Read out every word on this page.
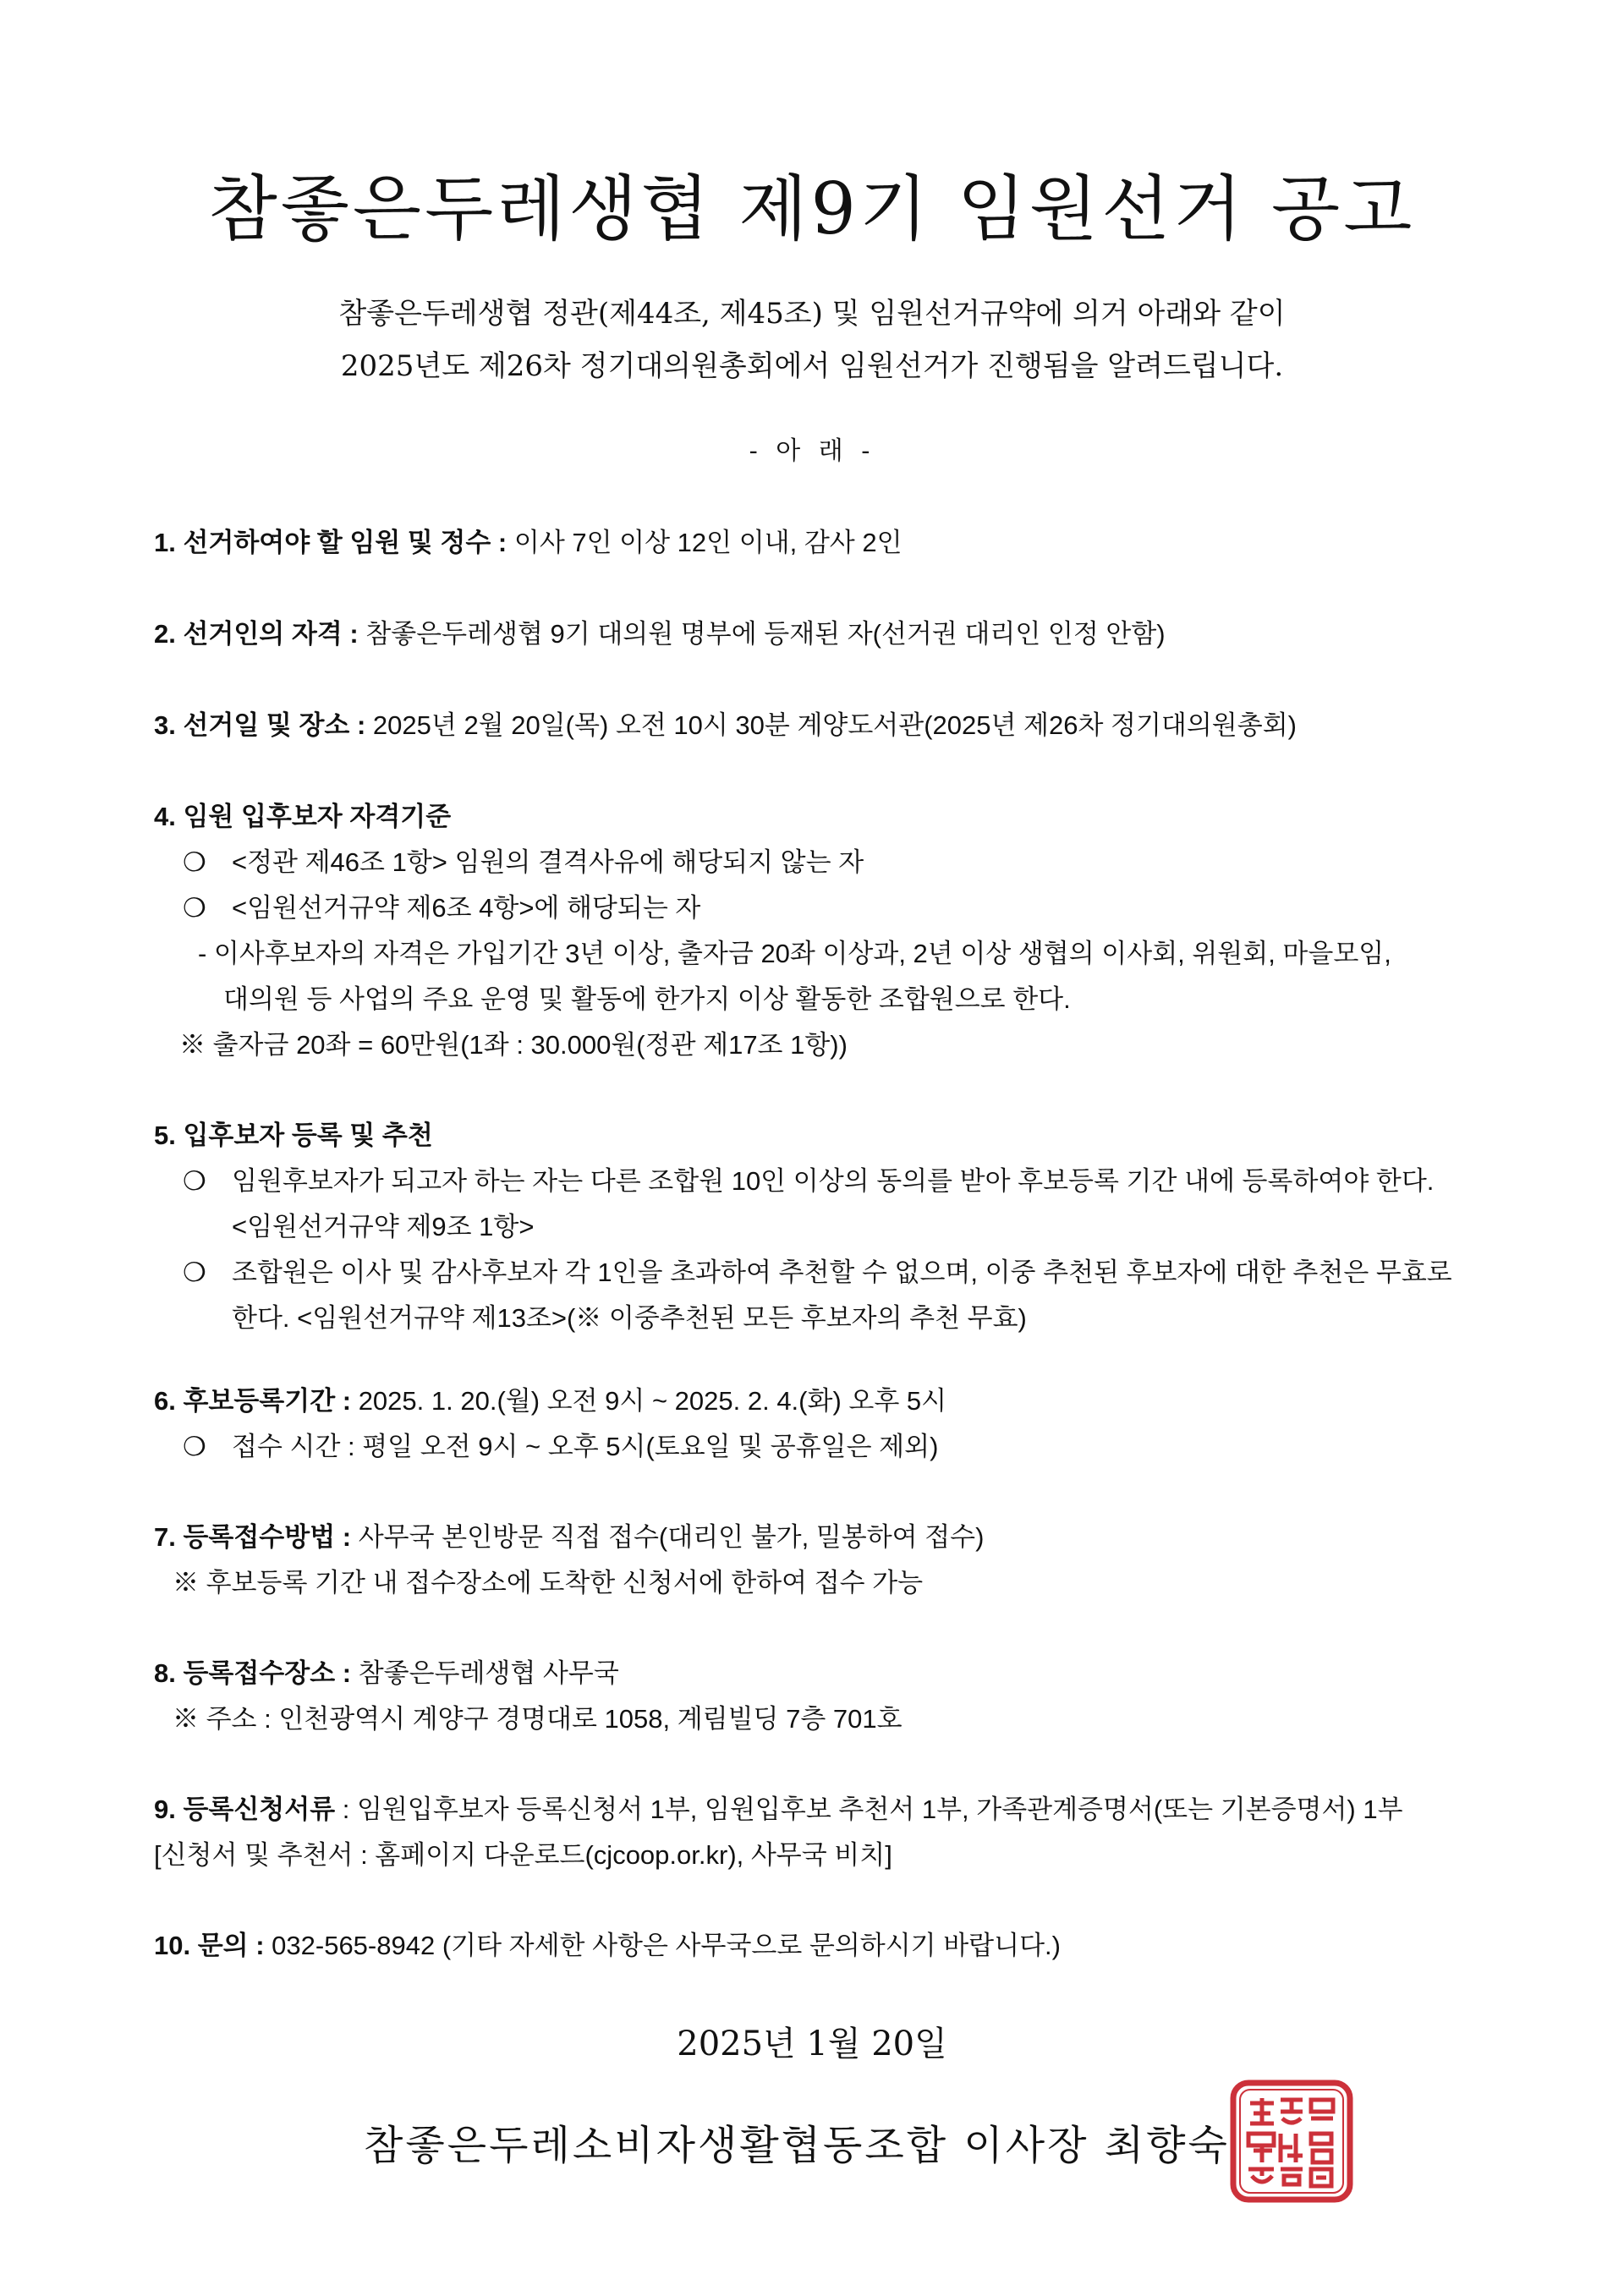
참좋은두레생협 제9기 임원선거 공고
참좋은두레생협 정관(제44조, 제45조) 및 임원선거규약에 의거 아래와 같이
2025년도 제26차 정기대의원총회에서 임원선거가 진행됨을 알려드립니다.
- 아 래 -
1. 선거하여야 할 임원 및 정수 : 이사 7인 이상 12인 이내, 감사 2인
2. 선거인의 자격 : 참좋은두레생협 9기 대의원 명부에 등재된 자(선거권 대리인 인정 안함)
3. 선거일 및 장소 : 2025년 2월 20일(목) 오전 10시 30분 계양도서관(2025년 제26차 정기대의원총회)
4. 임원 입후보자 자격기준
❍ <정관 제46조 1항> 임원의 결격사유에 해당되지 않는 자
❍ <임원선거규약 제6조 4항>에 해당되는 자
- 이사후보자의 자격은 가입기간 3년 이상, 출자금 20좌 이상과, 2년 이상 생협의 이사회, 위원회, 마을모임,
대의원 등 사업의 주요 운영 및 활동에 한가지 이상 활동한 조합원으로 한다.
※ 출자금 20좌 = 60만원(1좌 : 30.000원(정관 제17조 1항))
5. 입후보자 등록 및 추천
❍ 임원후보자가 되고자 하는 자는 다른 조합원 10인 이상의 동의를 받아 후보등록 기간 내에 등록하여야 한다.
<임원선거규약 제9조 1항>
❍ 조합원은 이사 및 감사후보자 각 1인을 초과하여 추천할 수 없으며, 이중 추천된 후보자에 대한 추천은 무효로
한다. <임원선거규약 제13조>(※ 이중추천된 모든 후보자의 추천 무효)
6. 후보등록기간 : 2025. 1. 20.(월) 오전 9시 ~ 2025. 2. 4.(화) 오후 5시
❍ 접수 시간 : 평일 오전 9시 ~ 오후 5시(토요일 및 공휴일은 제외)
7. 등록접수방법 : 사무국 본인방문 직접 접수(대리인 불가, 밀봉하여 접수)
※ 후보등록 기간 내 접수장소에 도착한 신청서에 한하여 접수 가능
8. 등록접수장소 : 참좋은두레생협 사무국
※ 주소 : 인천광역시 계양구 경명대로 1058, 계림빌딩 7층 701호
9. 등록신청서류 : 임원입후보자 등록신청서 1부, 임원입후보 추천서 1부, 가족관계증명서(또는 기본증명서) 1부
[신청서 및 추천서 : 홈페이지 다운로드(cjcoop.or.kr), 사무국 비치]
10. 문의 : 032-565-8942 (기타 자세한 사항은 사무국으로 문의하시기 바랍니다.)
2025년 1월 20일
참좋은두레소비자생활협동조합 이사장 최향숙
